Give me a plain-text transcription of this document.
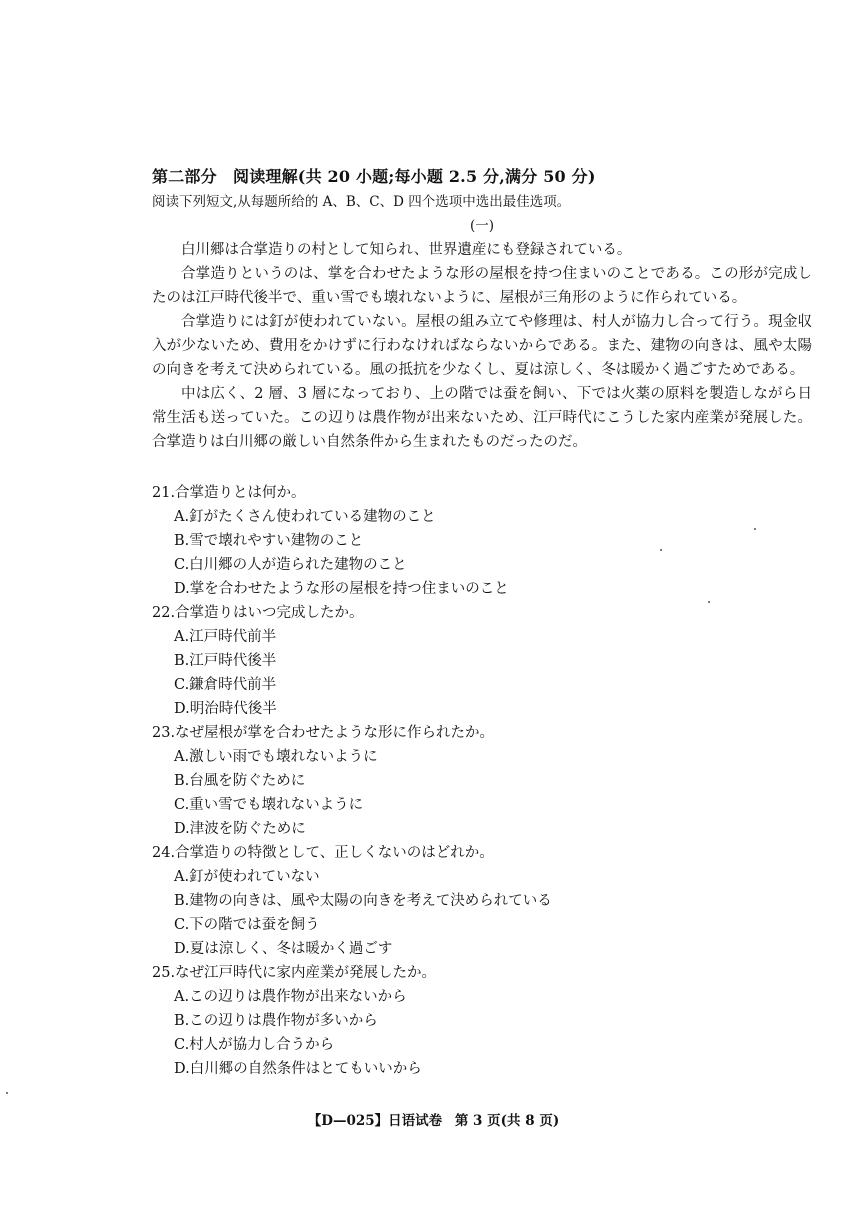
第二部分　阅读理解(共 20 小题;每小题 2.5 分,满分 50 分)
阅读下列短文,从每题所给的 A、B、C、D 四个选项中选出最佳选项。
(一)

白川郷は合掌造りの村として知られ、世界遺産にも登録されている。

合掌造りというのは、掌を合わせたような形の屋根を持つ住まいのことである。この形が完成したのは江戸時代後半で、重い雪でも壊れないように、屋根が三角形のように作られている。

合掌造りには釘が使われていない。屋根の組み立てや修理は、村人が協力し合って行う。現金収入が少ないため、費用をかけずに行わなければならないからである。また、建物の向きは、風や太陽の向きを考えて決められている。風の抵抗を少なくし、夏は涼しく、冬は暖かく過ごすためである。

中は広く、2 層、3 層になっており、上の階では蚕を飼い、下では火薬の原料を製造しながら日常生活も送っていた。この辺りは農作物が出来ないため、江戸時代にこうした家内産業が発展した。合掌造りは白川郷の厳しい自然条件から生まれたものだったのだ。

21.合掌造りとは何か。
A.釘がたくさん使われている建物のこと
B.雪で壊れやすい建物のこと
C.白川郷の人が造られた建物のこと
D.掌を合わせたような形の屋根を持つ住まいのこと
22.合掌造りはいつ完成したか。
A.江戸時代前半
B.江戸時代後半
C.鎌倉時代前半
D.明治時代後半
23.なぜ屋根が掌を合わせたような形に作られたか。
A.激しい雨でも壊れないように
B.台風を防ぐために
C.重い雪でも壊れないように
D.津波を防ぐために
24.合掌造りの特徴として、正しくないのはどれか。
A.釘が使われていない
B.建物の向きは、風や太陽の向きを考えて決められている
C.下の階では蚕を飼う
D.夏は涼しく、冬は暖かく過ごす
25.なぜ江戸時代に家内産業が発展したか。
A.この辺りは農作物が出来ないから
B.この辺りは農作物が多いから
C.村人が協力し合うから
D.白川郷の自然条件はとてもいいから
【D—025】日语试卷 第 3 页(共 8 页)
